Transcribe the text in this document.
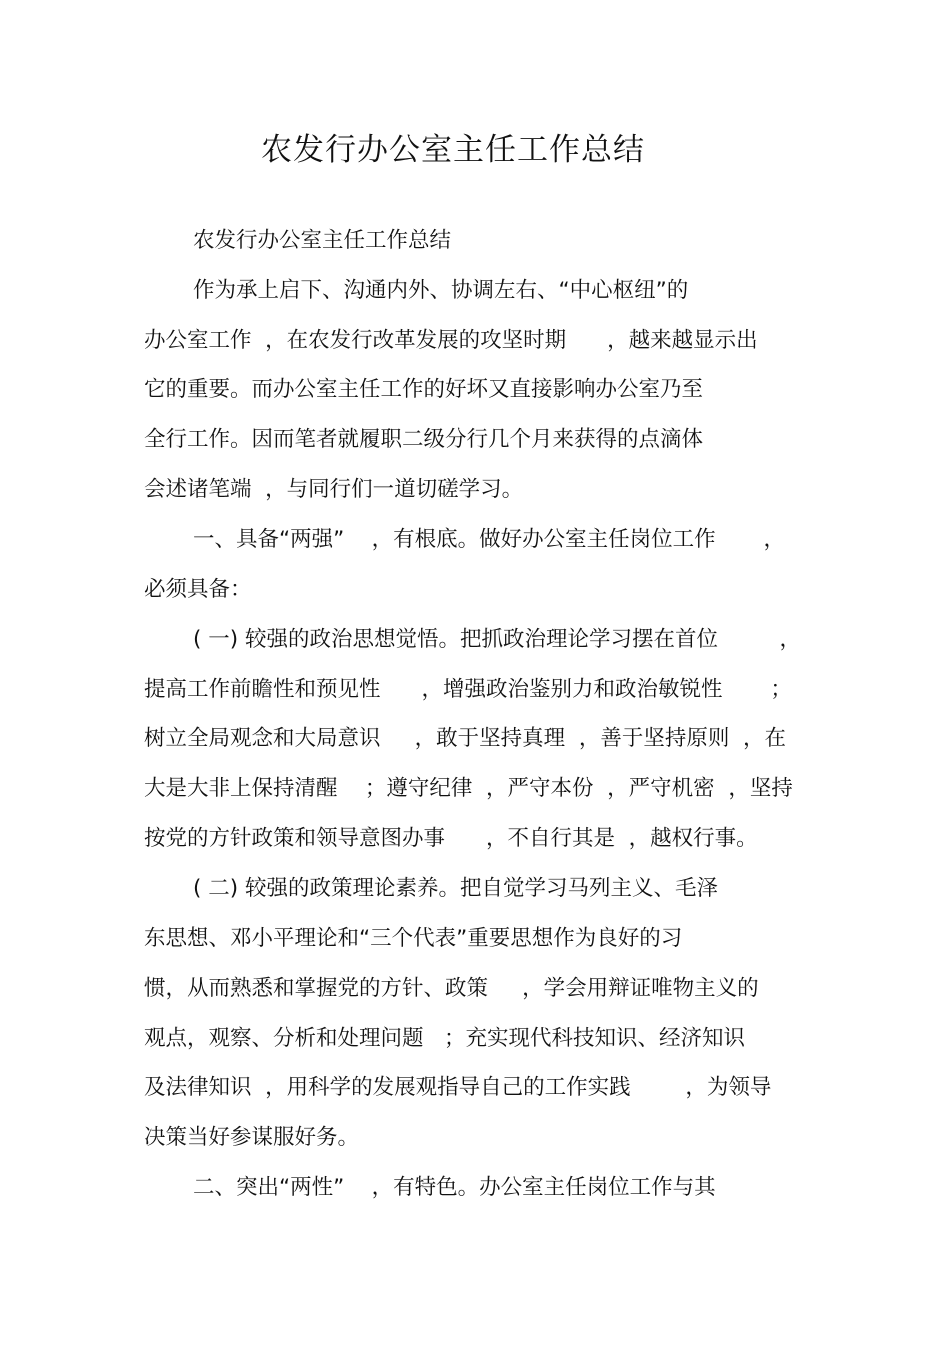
农发行办公室主任工作总结
农发行办公室主任工作总结
作为承上启下、沟通内外、协调左右、“中心枢纽”的
办公室工作  ，在农发行改革发展的攻坚时期      ，越来越显示出
它的重要。而办公室主任工作的好坏又直接影响办公室乃至
全行工作。因而笔者就履职二级分行几个月来获得的点滴体
会述诸笔端  ，与同行们一道切磋学习。
一、具备“两强”    ，有根底。做好办公室主任岗位工作       ，
必须具备：
( 一) 较强的政治思想觉悟。把抓政治理论学习摆在首位         ，
提高工作前瞻性和预见性      ，增强政治鉴别力和政治敏锐性       ；
树立全局观念和大局意识     ，敢于坚持真理  ，善于坚持原则  ，在
大是大非上保持清醒    ；遵守纪律  ，严守本份  ，严守机密  ，坚持
按党的方针政策和领导意图办事      ，不自行其是  ，越权行事。
( 二) 较强的政策理论素养。把自觉学习马列主义、毛泽
东思想、邓小平理论和“三个代表”重要思想作为良好的习
惯，从而熟悉和掌握党的方针、政策     ，学会用辩证唯物主义的
观点，观察、分析和处理问题   ；充实现代科技知识、经济知识
及法律知识  ，用科学的发展观指导自己的工作实践        ，为领导
决策当好参谋服好务。
二、突出“两性”    ，有特色。办公室主任岗位工作与其
